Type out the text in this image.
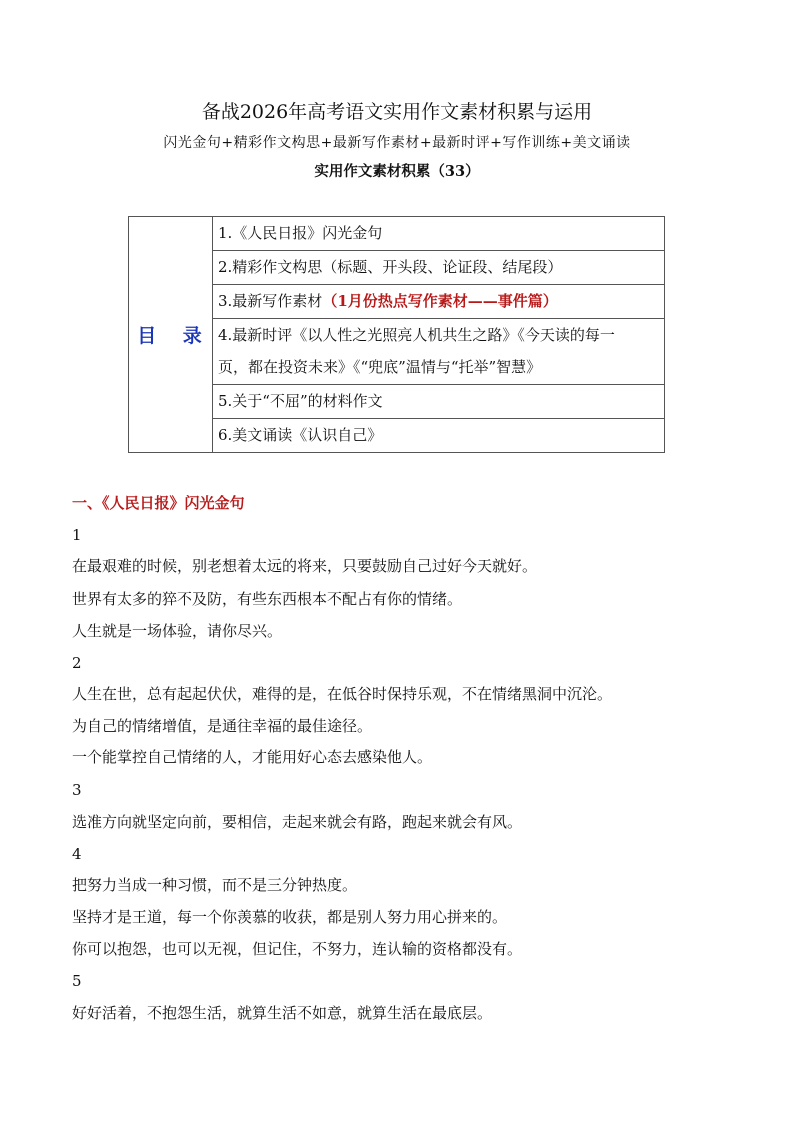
备战2026年高考语文实用作文素材积累与运用
闪光金句+精彩作文构思+最新写作素材+最新时评+写作训练+美文诵读
实用作文素材积累（33）
目 录
1.《人民日报》闪光金句
2.精彩作文构思（标题、开头段、论证段、结尾段）
3.最新写作素材（1月份热点写作素材——事件篇）
4.最新时评《以人性之光照亮人机共生之路》《今天读的每一
页，都在投资未来》《“兜底”温情与“托举”智慧》
5.关于“不屈”的材料作文
6.美文诵读《认识自己》
一、《人民日报》闪光金句
1
在最艰难的时候，别老想着太远的将来，只要鼓励自己过好今天就好。
世界有太多的猝不及防，有些东西根本不配占有你的情绪。
人生就是一场体验，请你尽兴。
2
人生在世，总有起起伏伏，难得的是，在低谷时保持乐观，不在情绪黑洞中沉沦。
为自己的情绪增值，是通往幸福的最佳途径。
一个能掌控自己情绪的人，才能用好心态去感染他人。
3
选准方向就坚定向前，要相信，走起来就会有路，跑起来就会有风。
4
把努力当成一种习惯，而不是三分钟热度。
坚持才是王道，每一个你羡慕的收获，都是别人努力用心拼来的。
你可以抱怨，也可以无视，但记住，不努力，连认输的资格都没有。
5
好好活着，不抱怨生活，就算生活不如意，就算生活在最底层。
